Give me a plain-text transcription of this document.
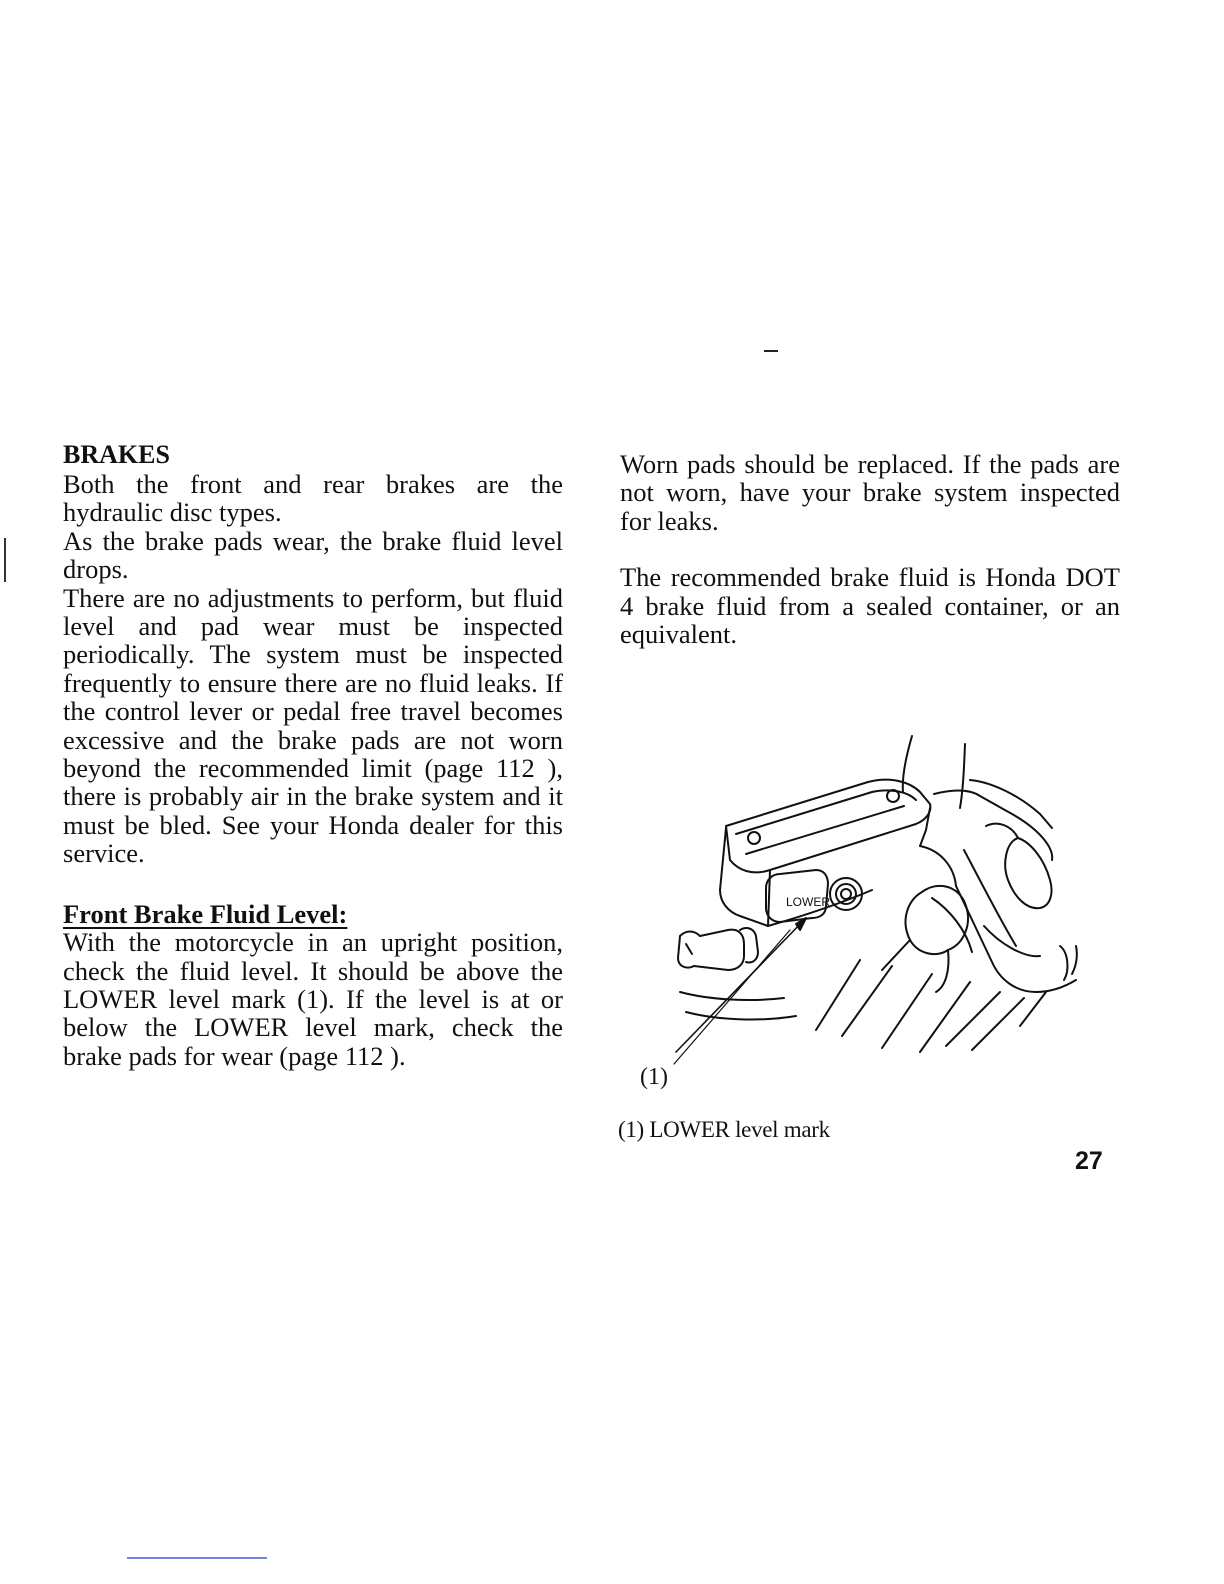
BRAKES

Both the front and rear brakes are the hydraulic disc types.

As the brake pads wear, the brake fluid level drops.

There are no adjustments to perform, but fluid level and pad wear must be inspected periodically. The system must be inspected frequently to ensure there are no fluid leaks. If the control lever or pedal free travel becomes excessive and the brake pads are not worn beyond the recommended limit (page 112 ), there is probably air in the brake system and it must be bled. See your Honda dealer for this service.

Front Brake Fluid Level:

With the motorcycle in an upright position, check the fluid level. It should be above the LOWER level mark (1). If the level is at or below the LOWER level mark, check the brake pads for wear (page 112 ).

Worn pads should be replaced. If the pads are not worn, have your brake system inspected for leaks.

The recommended brake fluid is Honda DOT 4 brake fluid from a sealed container, or an equivalent.

LOWER
(1)
(1) LOWER level mark
27
